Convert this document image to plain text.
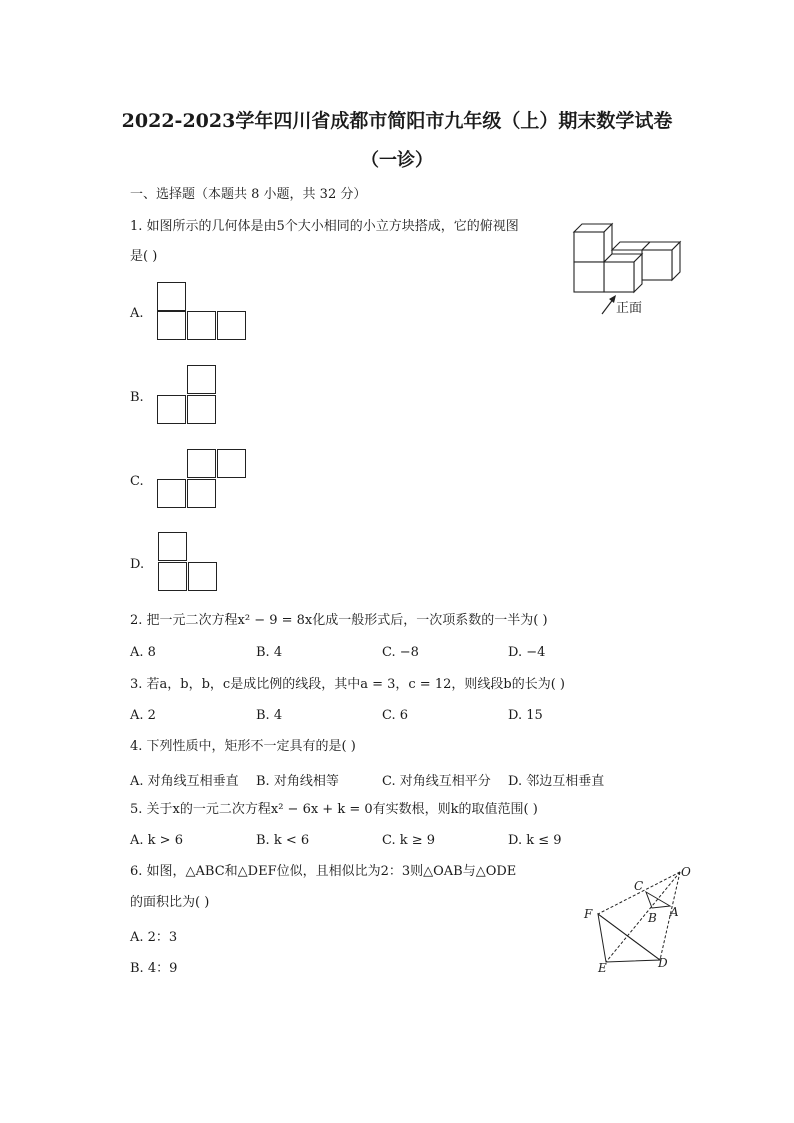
2022-2023学年四川省成都市简阳市九年级（上）期末数学试卷
（一诊）
一、选择题（本题共 8 小题，共 32 分）
1. 如图所示的几何体是由5个大小相同的小立方块搭成，它的俯视图
是( )
正面
A.
B.
C.
D.
2. 把一元二次方程x² − 9 = 8x化成一般形式后，一次项系数的一半为( )
A. 8	B. 4	C. −8	D. −4
3. 若a，b，b，c是成比例的线段，其中a = 3，c = 12，则线段b的长为( )
A. 2	B. 4	C. 6	D. 15
4. 下列性质中，矩形不一定具有的是( )
A. 对角线互相垂直 B. 对角线相等	C. 对角线互相平分 D. 邻边互相垂直
5. 关于x的一元二次方程x² − 6x + k = 0有实数根，则k的取值范围( )
A. k > 6	B. k < 6	C. k ≥ 9	D. k ≤ 9
6. 如图，△ABC和△DEF位似，且相似比为2：3则△OAB与△ODE
的面积比为( )
A. 2：3
B. 4：9
O
C
B A
F
E	D
